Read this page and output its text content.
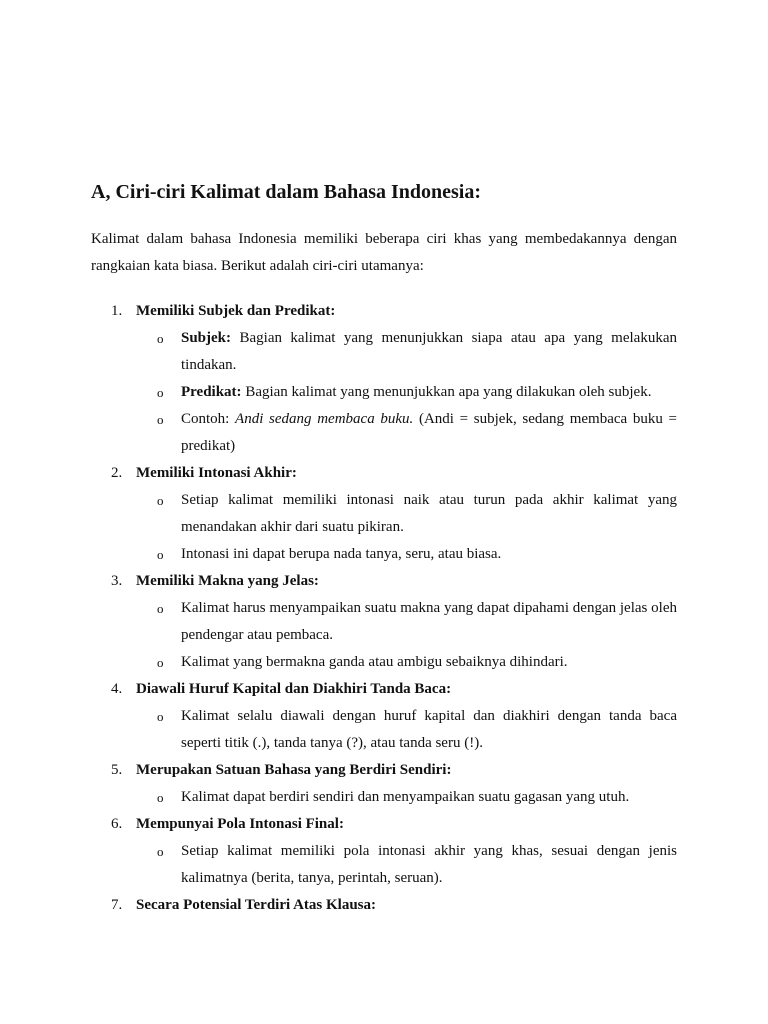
A, Ciri-ciri Kalimat dalam Bahasa Indonesia:

Kalimat dalam bahasa Indonesia memiliki beberapa ciri khas yang membedakannya dengan rangkaian kata biasa. Berikut adalah ciri-ciri utamanya:

1. Memiliki Subjek dan Predikat:
o Subjek: Bagian kalimat yang menunjukkan siapa atau apa yang melakukan tindakan.
o Predikat: Bagian kalimat yang menunjukkan apa yang dilakukan oleh subjek.
o Contoh: Andi sedang membaca buku. (Andi = subjek, sedang membaca buku = predikat)
2. Memiliki Intonasi Akhir:
o Setiap kalimat memiliki intonasi naik atau turun pada akhir kalimat yang menandakan akhir dari suatu pikiran.
o Intonasi ini dapat berupa nada tanya, seru, atau biasa.
3. Memiliki Makna yang Jelas:
o Kalimat harus menyampaikan suatu makna yang dapat dipahami dengan jelas oleh pendengar atau pembaca.
o Kalimat yang bermakna ganda atau ambigu sebaiknya dihindari.
4. Diawali Huruf Kapital dan Diakhiri Tanda Baca:
o Kalimat selalu diawali dengan huruf kapital dan diakhiri dengan tanda baca seperti titik (.), tanda tanya (?), atau tanda seru (!).
5. Merupakan Satuan Bahasa yang Berdiri Sendiri:
o Kalimat dapat berdiri sendiri dan menyampaikan suatu gagasan yang utuh.
6. Mempunyai Pola Intonasi Final:
o Setiap kalimat memiliki pola intonasi akhir yang khas, sesuai dengan jenis kalimatnya (berita, tanya, perintah, seruan).
7. Secara Potensial Terdiri Atas Klausa:
